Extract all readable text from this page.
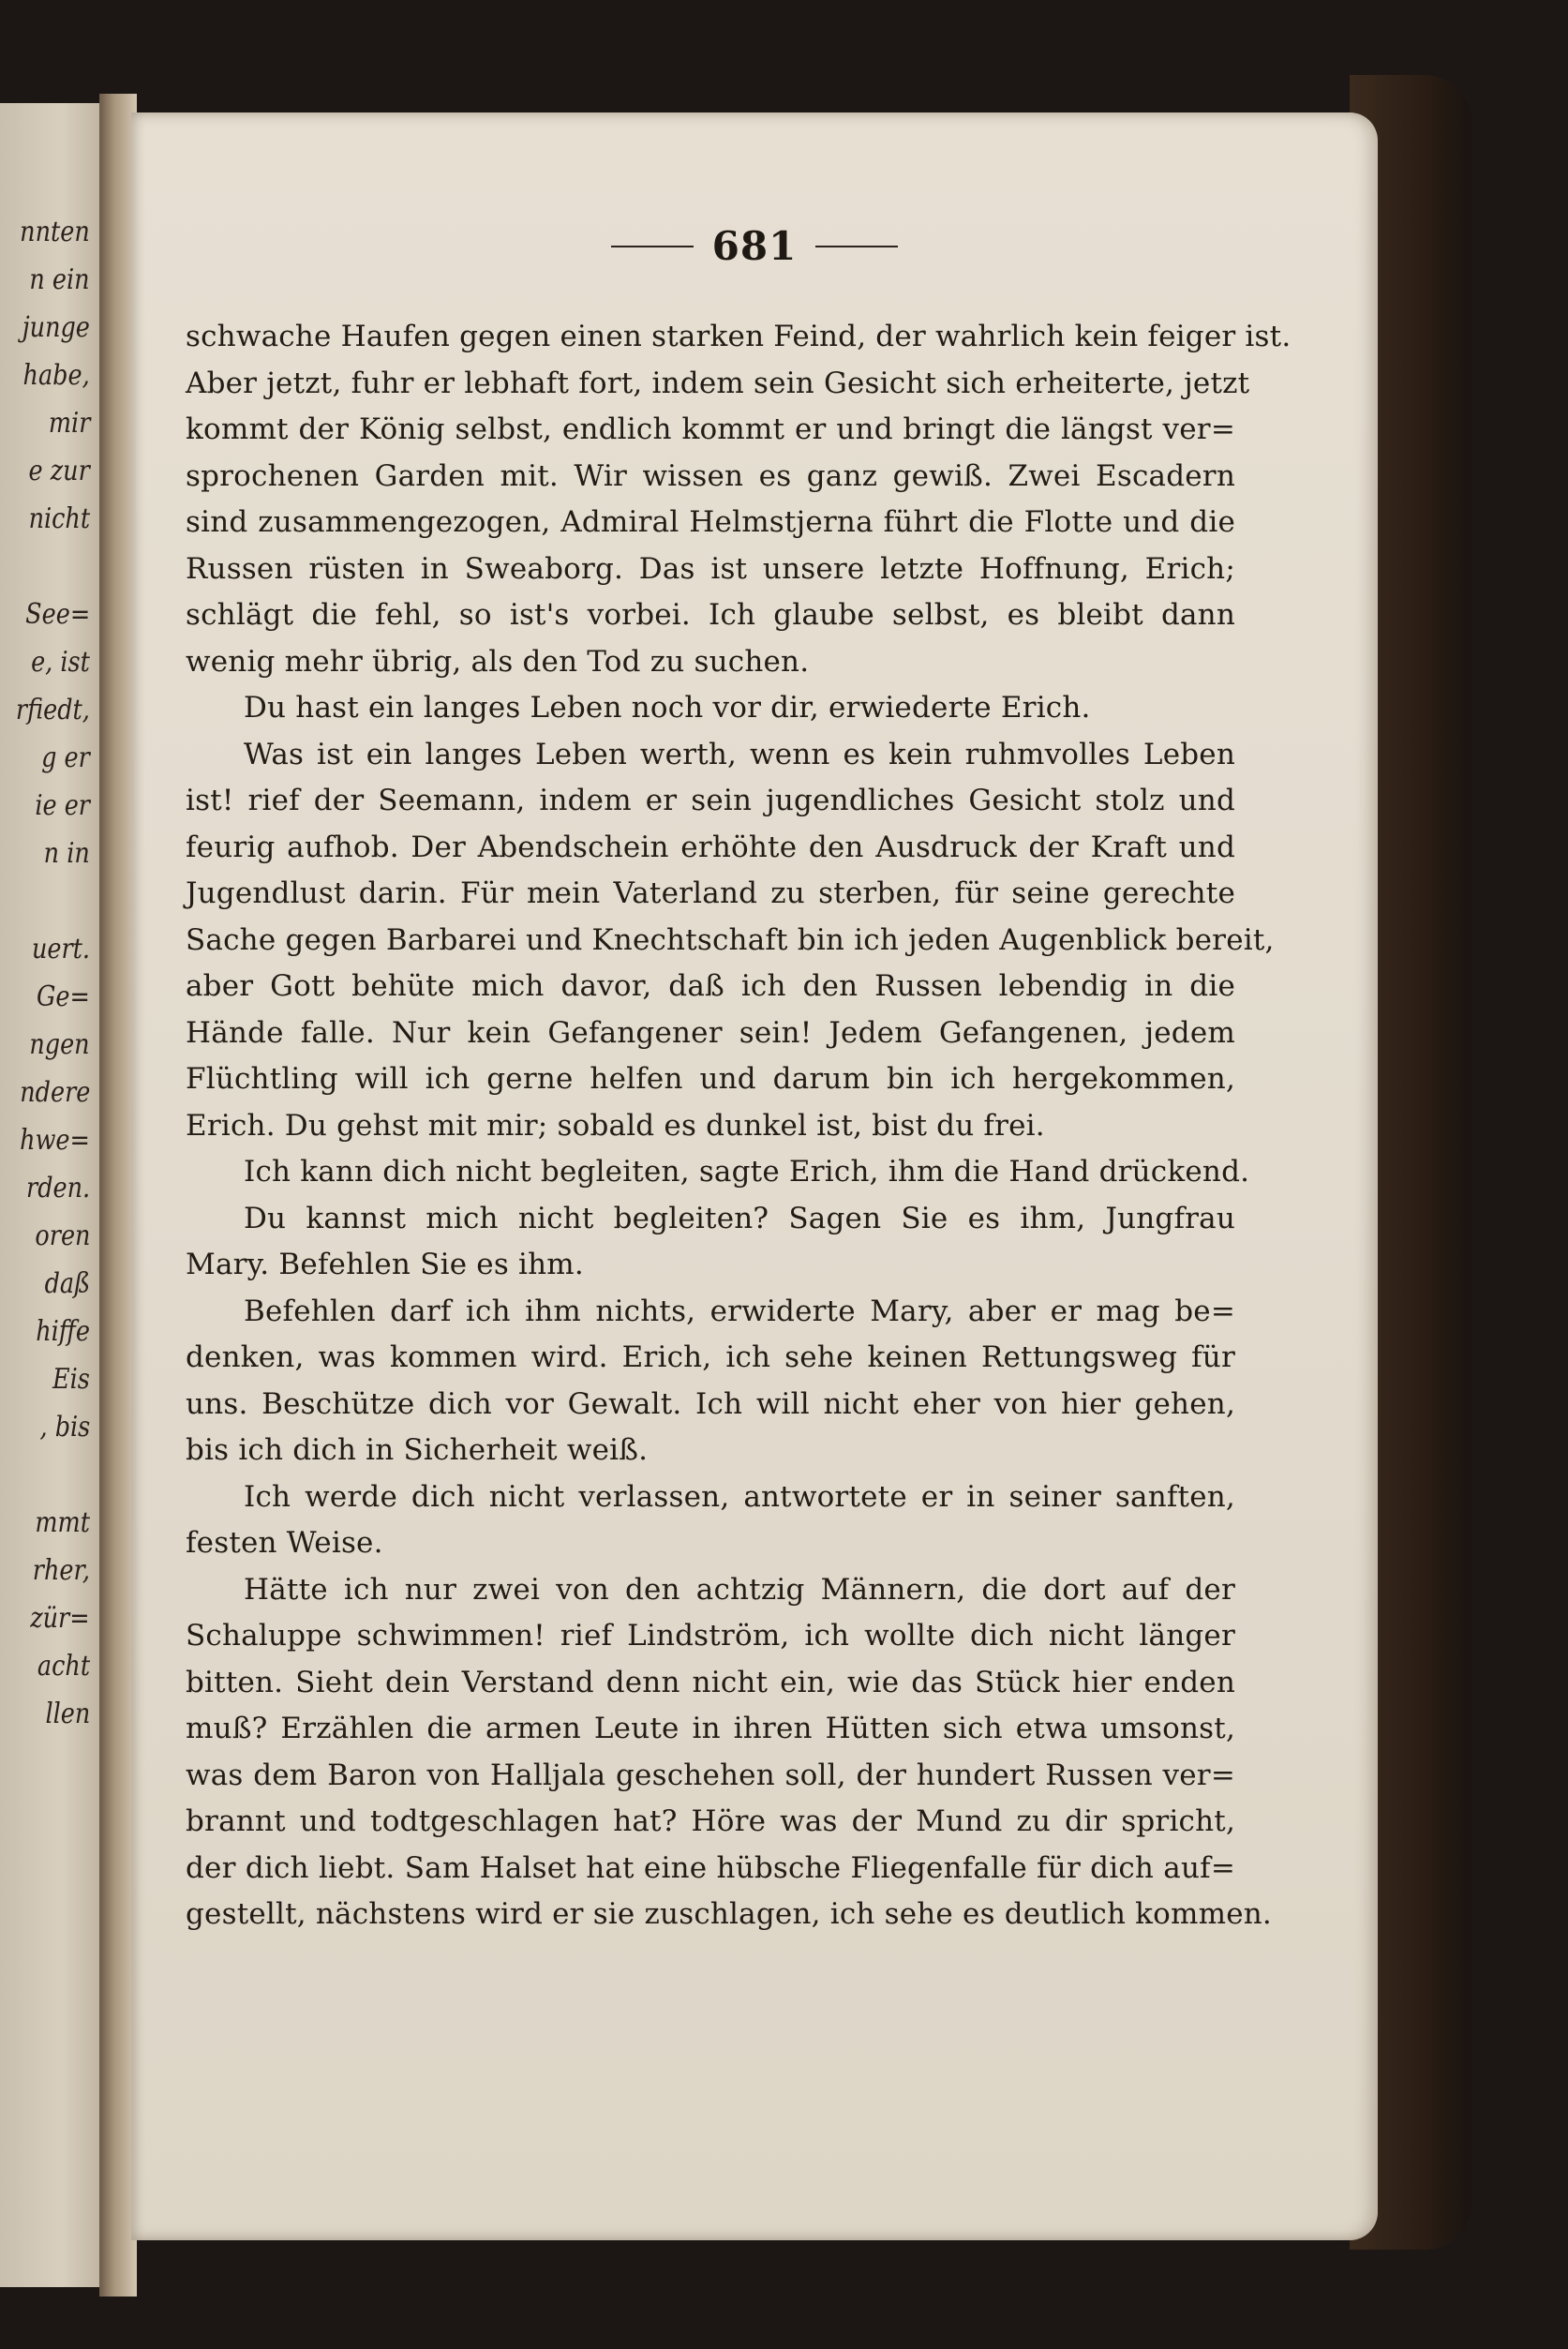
nnten
n ein
junge
habe,
mir
e zur
nicht
See=
e, ist
rfiedt,
g er
ie er
n in
uert.
Ge=
ngen
ndere
hwe=
rden.
oren
daß
hiffe
Eis
, bis
mmt
rher,
zür=
acht
llen
681
schwache Haufen gegen einen starken Feind, der wahrlich kein feiger ist.
Aber jetzt, fuhr er lebhaft fort, indem sein Gesicht sich erheiterte, jetzt
kommt der König selbst, endlich kommt er und bringt die längst ver=
sprochenen Garden mit. Wir wissen es ganz gewiß. Zwei Escadern
sind zusammengezogen, Admiral Helmstjerna führt die Flotte und die
Russen rüsten in Sweaborg. Das ist unsere letzte Hoffnung, Erich;
schlägt die fehl, so ist's vorbei. Ich glaube selbst, es bleibt dann
wenig mehr übrig, als den Tod zu suchen.
Du hast ein langes Leben noch vor dir, erwiederte Erich.
Was ist ein langes Leben werth, wenn es kein ruhmvolles Leben
ist! rief der Seemann, indem er sein jugendliches Gesicht stolz und
feurig aufhob. Der Abendschein erhöhte den Ausdruck der Kraft und
Jugendlust darin. Für mein Vaterland zu sterben, für seine gerechte
Sache gegen Barbarei und Knechtschaft bin ich jeden Augenblick bereit,
aber Gott behüte mich davor, daß ich den Russen lebendig in die
Hände falle. Nur kein Gefangener sein! Jedem Gefangenen, jedem
Flüchtling will ich gerne helfen und darum bin ich hergekommen,
Erich. Du gehst mit mir; sobald es dunkel ist, bist du frei.
Ich kann dich nicht begleiten, sagte Erich, ihm die Hand drückend.
Du kannst mich nicht begleiten? Sagen Sie es ihm, Jungfrau
Mary. Befehlen Sie es ihm.
Befehlen darf ich ihm nichts, erwiderte Mary, aber er mag be=
denken, was kommen wird. Erich, ich sehe keinen Rettungsweg für
uns. Beschütze dich vor Gewalt. Ich will nicht eher von hier gehen,
bis ich dich in Sicherheit weiß.
Ich werde dich nicht verlassen, antwortete er in seiner sanften,
festen Weise.
Hätte ich nur zwei von den achtzig Männern, die dort auf der
Schaluppe schwimmen! rief Lindström, ich wollte dich nicht länger
bitten. Sieht dein Verstand denn nicht ein, wie das Stück hier enden
muß? Erzählen die armen Leute in ihren Hütten sich etwa umsonst,
was dem Baron von Halljala geschehen soll, der hundert Russen ver=
brannt und todtgeschlagen hat? Höre was der Mund zu dir spricht,
der dich liebt. Sam Halset hat eine hübsche Fliegenfalle für dich auf=
gestellt, nächstens wird er sie zuschlagen, ich sehe es deutlich kommen.
